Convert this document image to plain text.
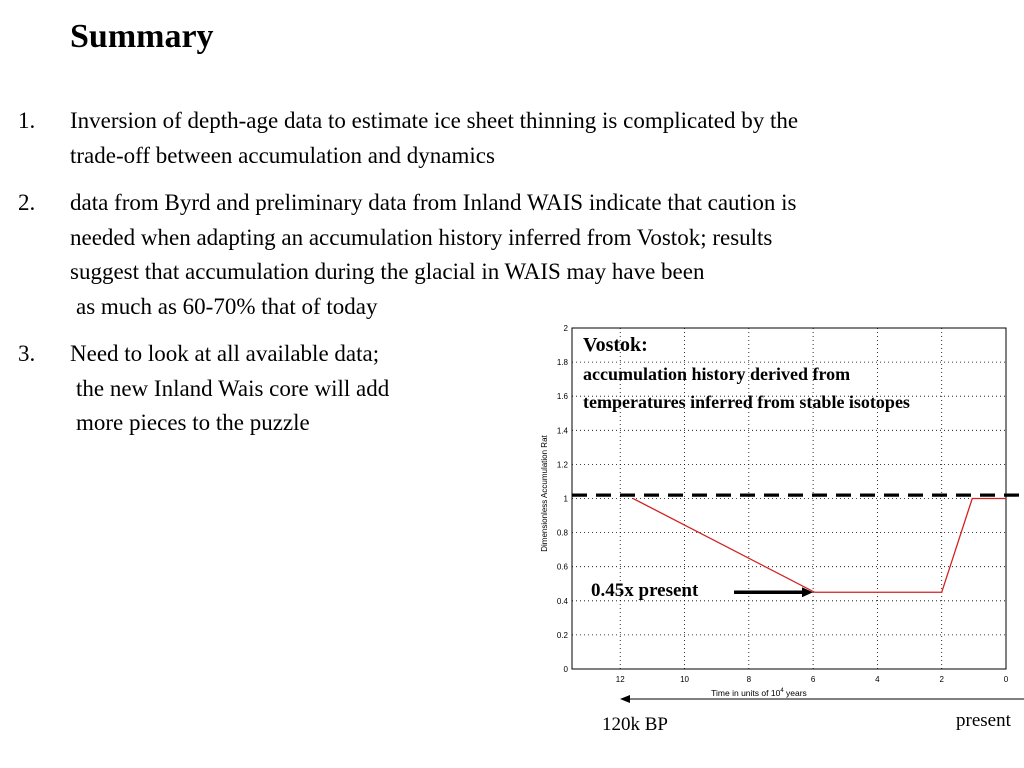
Summary
1. Inversion of depth-age data to estimate ice sheet thinning is complicated by the
trade-off between accumulation and dynamics
2. data from Byrd and preliminary data from Inland WAIS indicate that caution is
needed when adapting an accumulation history inferred from Vostok; results
suggest that accumulation during the glacial in WAIS may have been
as much as 60-70% that of today
3. Need to look at all available data;
the new Inland Wais core will add
more pieces to the puzzle
0
0.2
0.4
0.6
0.8
1
1.2
1.4
1.6
1.8
2
12	10	8	6	4	2	0
Time in units of $10^4$ years
Dimensionless Accumulation Rat
Vostok:
accumulation history derived from
temperatures inferred from stable isotopes
0.45x present
120k BP	present
